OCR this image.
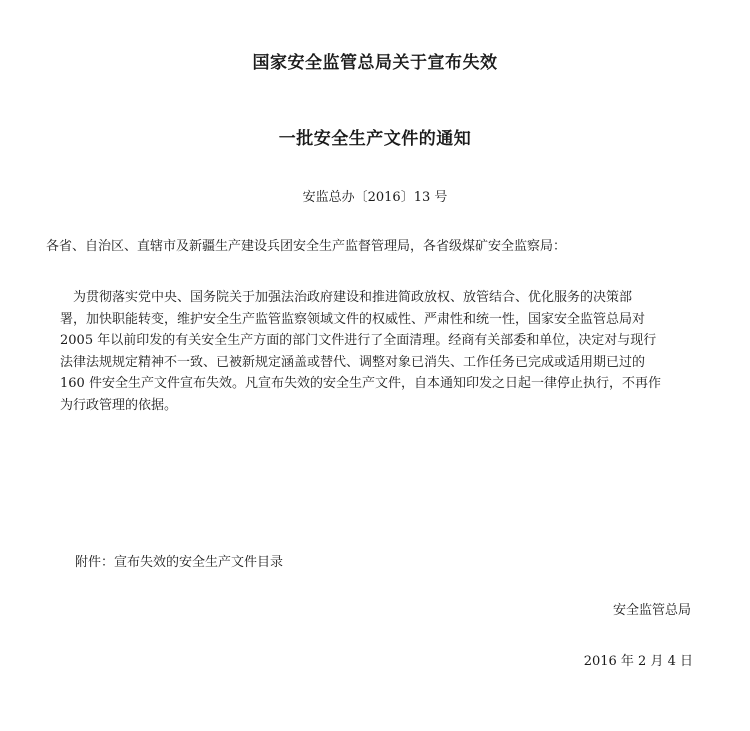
国家安全监管总局关于宣布失效
一批安全生产文件的通知
安监总办〔2016〕13 号
各省、自治区、直辖市及新疆生产建设兵团安全生产监督管理局，各省级煤矿安全监察局：
为贯彻落实党中央、国务院关于加强法治政府建设和推进简政放权、放管结合、优化服务的决策部
署，加快职能转变，维护安全生产监管监察领域文件的权威性、严肃性和统一性，国家安全监管总局对
2005 年以前印发的有关安全生产方面的部门文件进行了全面清理。经商有关部委和单位，决定对与现行
法律法规规定精神不一致、已被新规定涵盖或替代、调整对象已消失、工作任务已完成或适用期已过的
160 件安全生产文件宣布失效。凡宣布失效的安全生产文件，自本通知印发之日起一律停止执行，不再作
为行政管理的依据。
附件：宣布失效的安全生产文件目录
安全监管总局
2016 年 2 月 4 日
